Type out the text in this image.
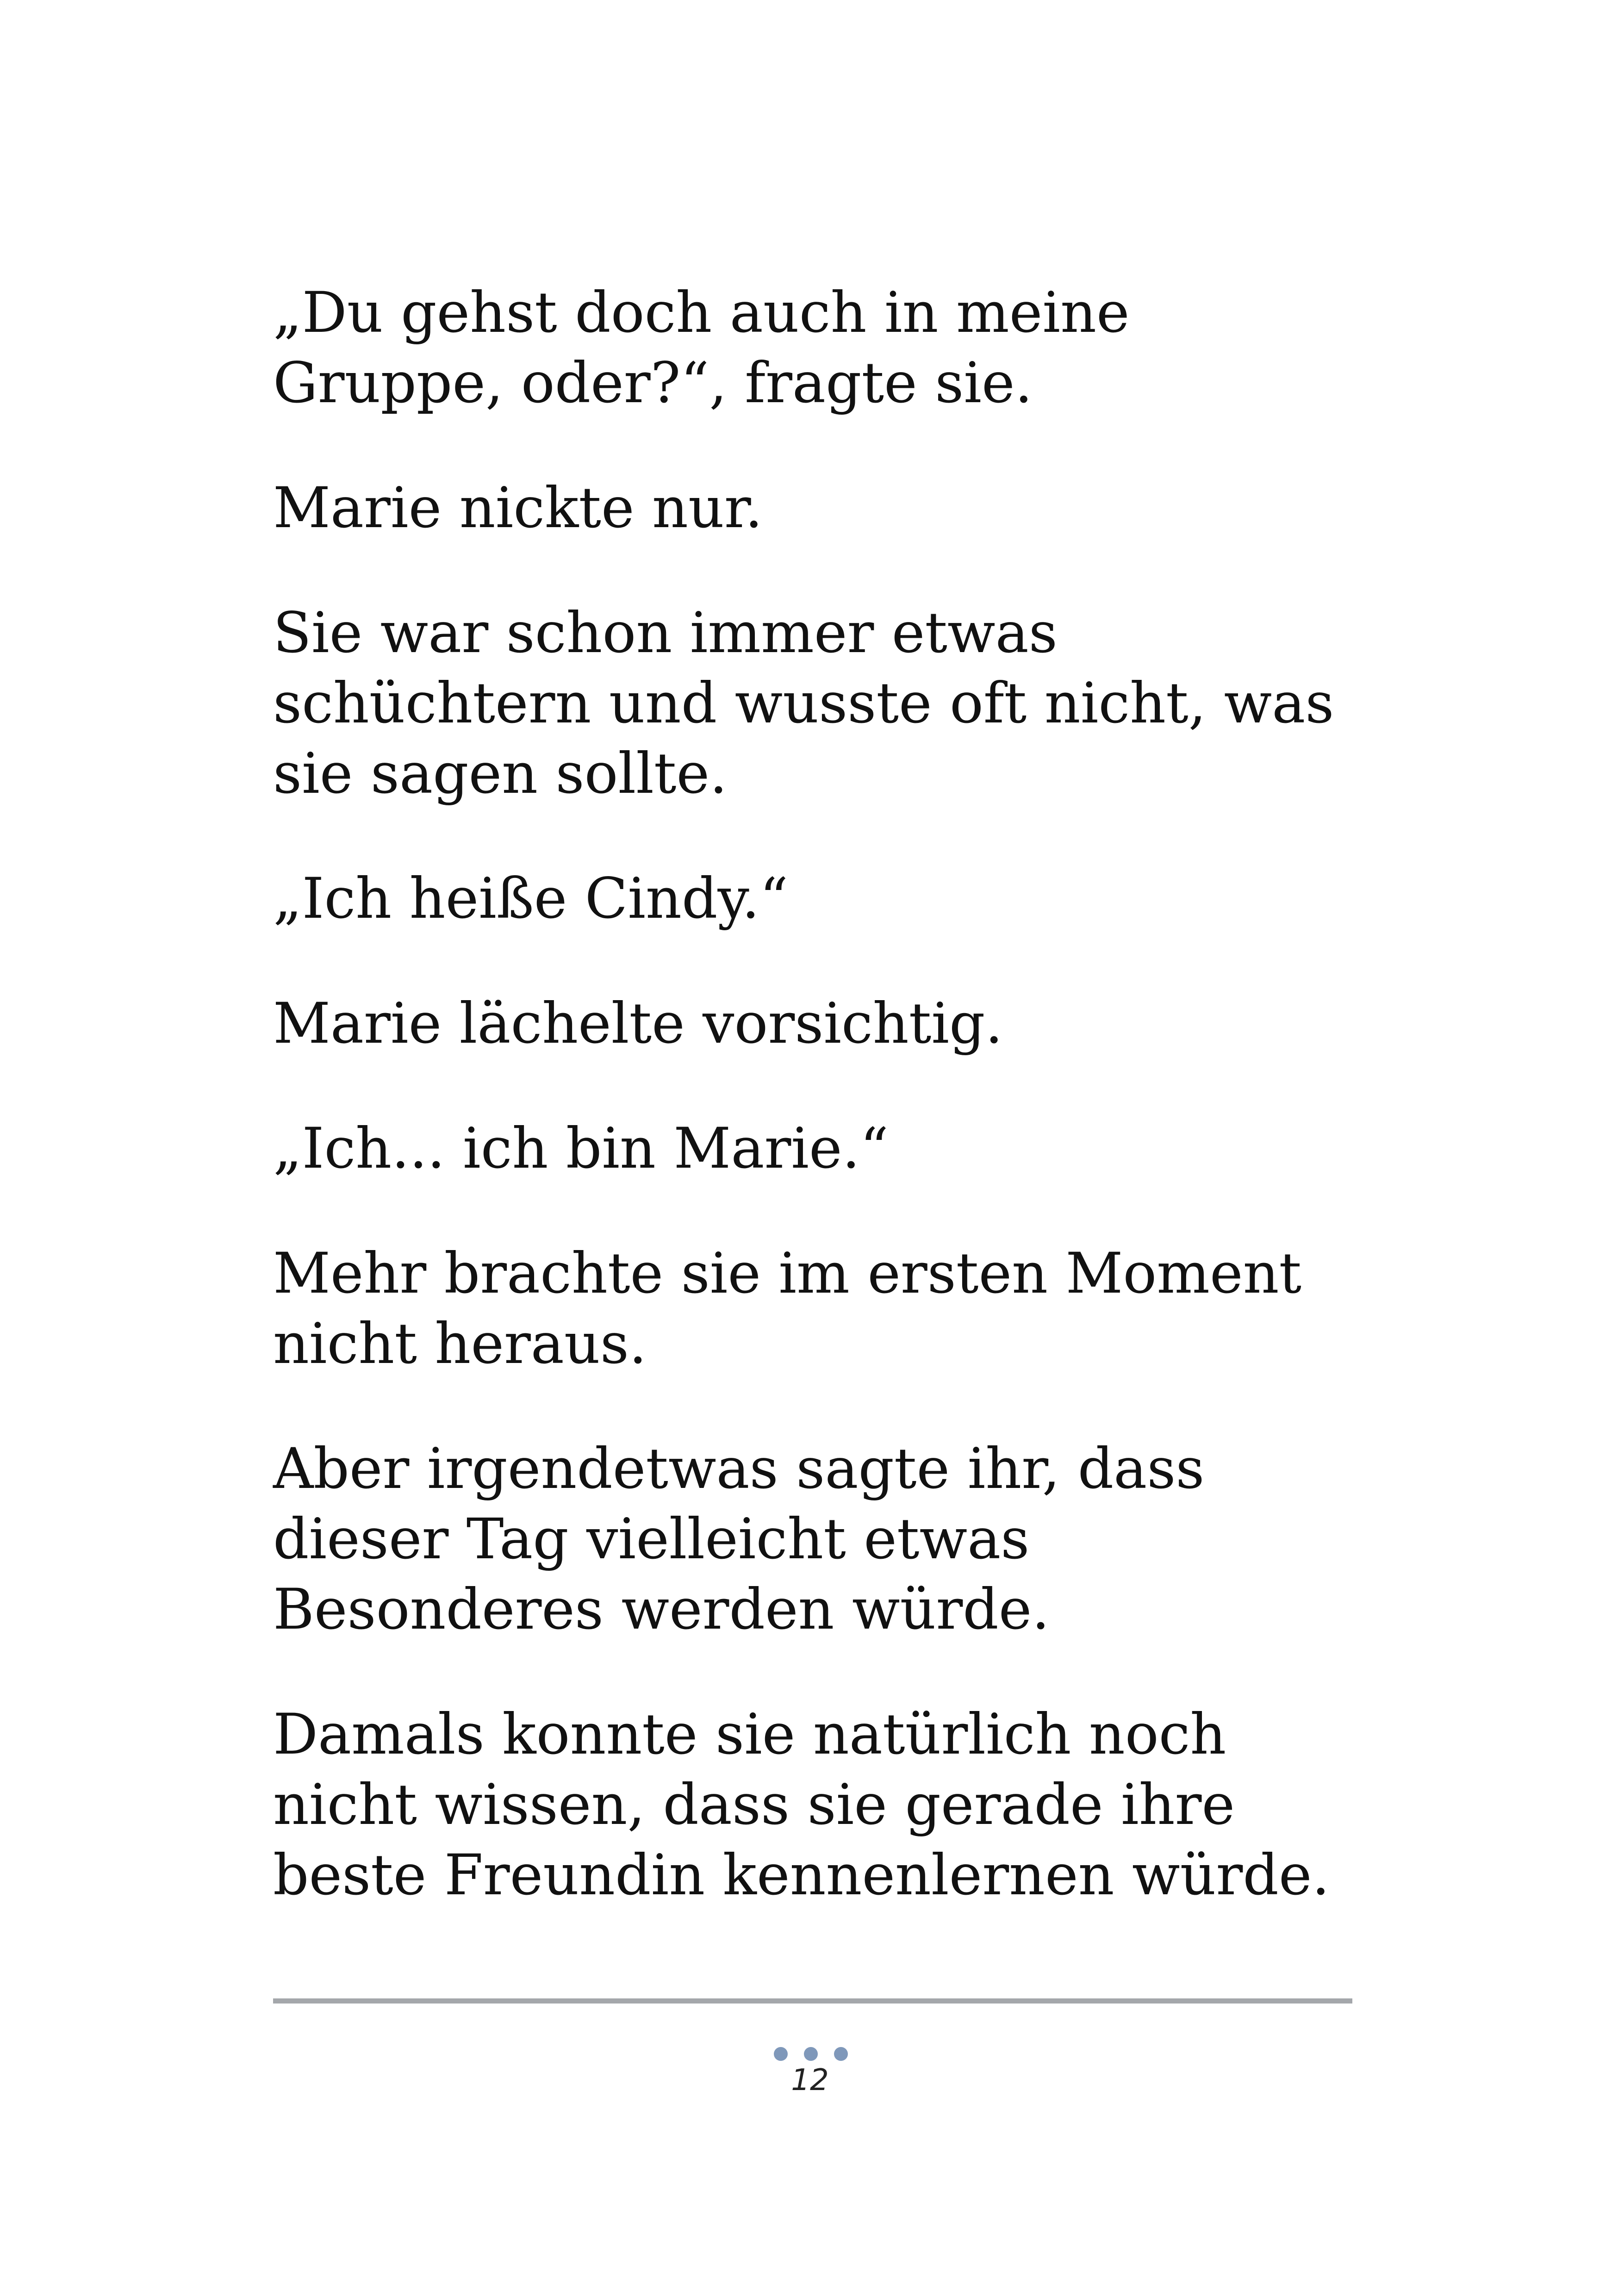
„Du gehst doch auch in meine Gruppe, oder?“, fragte sie.

Marie nickte nur.

Sie war schon immer etwas schüchtern und wusste oft nicht, was sie sagen sollte.

„Ich heiße Cindy.“

Marie lächelte vorsichtig.

„Ich... ich bin Marie.“

Mehr brachte sie im ersten Moment nicht heraus.

Aber irgendetwas sagte ihr, dass dieser Tag vielleicht etwas Besonderes werden würde.

Damals konnte sie natürlich noch nicht wissen, dass sie gerade ihre beste Freundin kennenlernen würde.

12
